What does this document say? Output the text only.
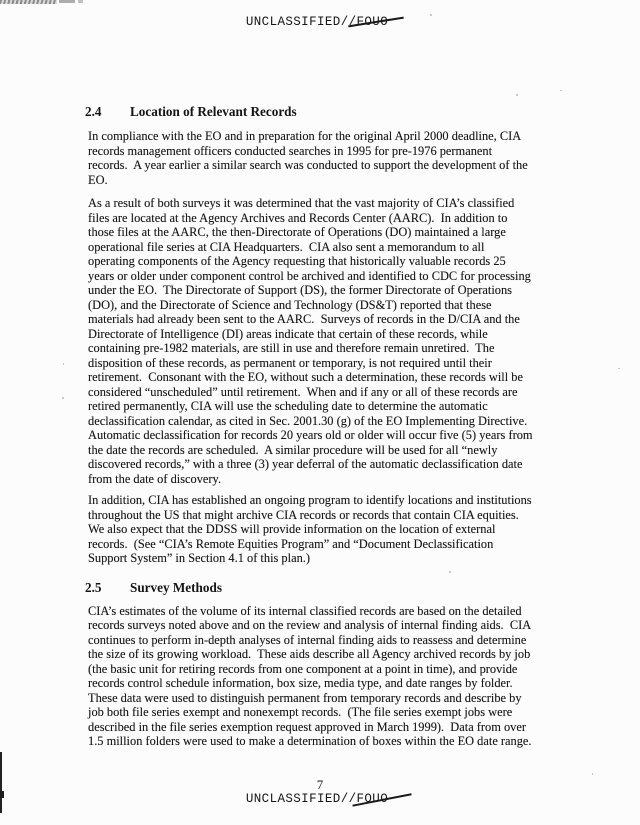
UNCLASSIFIED//FOUO
2.4	Location of Relevant Records

In compliance with the EO and in preparation for the original April 2000 deadline, CIA
records management officers conducted searches in 1995 for pre-1976 permanent
records.  A year earlier a similar search was conducted to support the development of the
EO.

As a result of both surveys it was determined that the vast majority of CIA’s classified
files are located at the Agency Archives and Records Center (AARC).  In addition to
those files at the AARC, the then-Directorate of Operations (DO) maintained a large
operational file series at CIA Headquarters.  CIA also sent a memorandum to all
operating components of the Agency requesting that historically valuable records 25
years or older under component control be archived and identified to CDC for processing
under the EO.  The Directorate of Support (DS), the former Directorate of Operations
(DO), and the Directorate of Science and Technology (DS&T) reported that these
materials had already been sent to the AARC.  Surveys of records in the D/CIA and the
Directorate of Intelligence (DI) areas indicate that certain of these records, while
containing pre-1982 materials, are still in use and therefore remain unretired.  The
disposition of these records, as permanent or temporary, is not required until their
retirement.  Consonant with the EO, without such a determination, these records will be
considered “unscheduled” until retirement.  When and if any or all of these records are
retired permanently, CIA will use the scheduling date to determine the automatic
declassification calendar, as cited in Sec. 2001.30 (g) of the EO Implementing Directive.
Automatic declassification for records 20 years old or older will occur five (5) years from
the date the records are scheduled.  A similar procedure will be used for all “newly
discovered records,” with a three (3) year deferral of the automatic declassification date
from the date of discovery.

In addition, CIA has established an ongoing program to identify locations and institutions
throughout the US that might archive CIA records or records that contain CIA equities.
We also expect that the DDSS will provide information on the location of external
records.  (See “CIA’s Remote Equities Program” and “Document Declassification
Support System” in Section 4.1 of this plan.)

2.5	Survey Methods

CIA’s estimates of the volume of its internal classified records are based on the detailed
records surveys noted above and on the review and analysis of internal finding aids.  CIA
continues to perform in-depth analyses of internal finding aids to reassess and determine
the size of its growing workload.  These aids describe all Agency archived records by job
(the basic unit for retiring records from one component at a point in time), and provide
records control schedule information, box size, media type, and date ranges by folder.
These data were used to distinguish permanent from temporary records and describe by
job both file series exempt and nonexempt records.  (The file series exempt jobs were
described in the file series exemption request approved in March 1999).  Data from over
1.5 million folders were used to make a determination of boxes within the EO date range.

7
UNCLASSIFIED//FOUO
